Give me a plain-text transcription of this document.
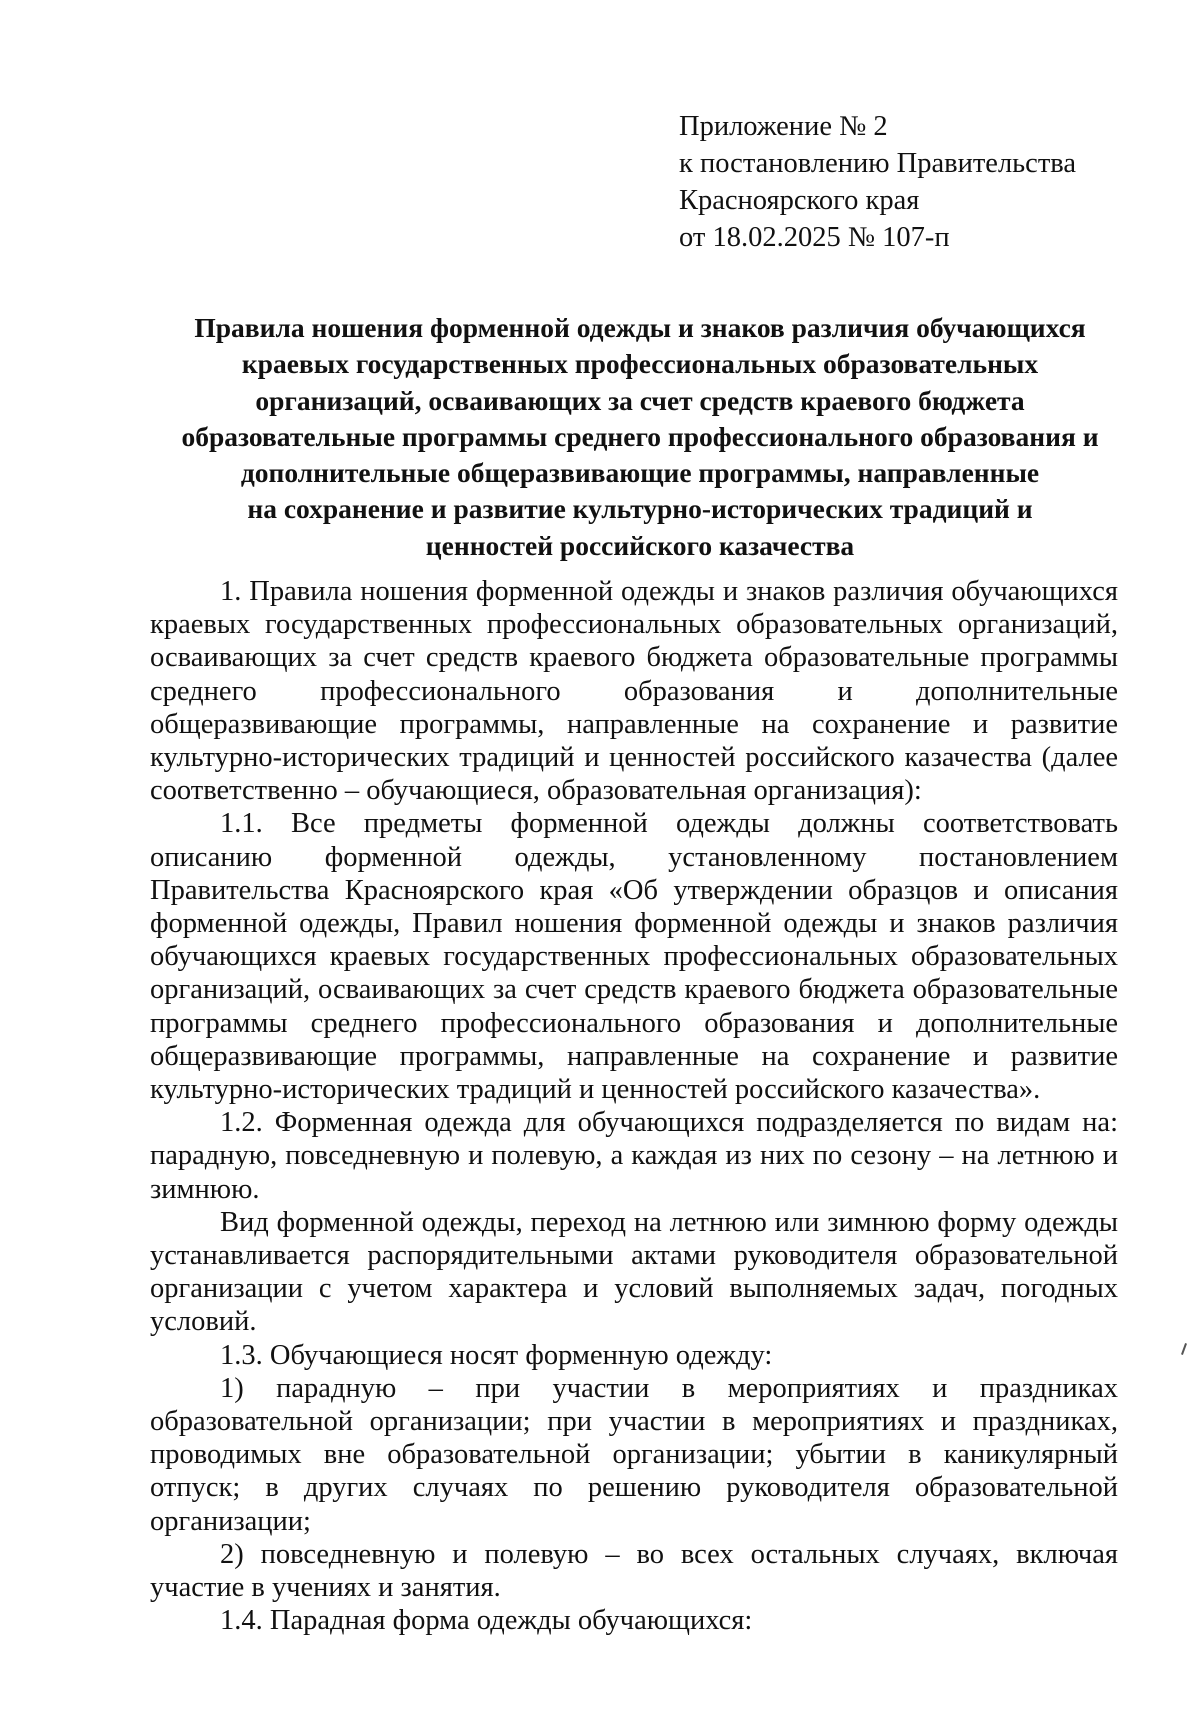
Приложение № 2
к постановлению Правительства
Красноярского края
от 18.02.2025 № 107-п
Правила ношения форменной одежды и знаков различия обучающихся
краевых государственных профессиональных образовательных
организаций, осваивающих за счет средств краевого бюджета
образовательные программы среднего профессионального образования и
дополнительные общеразвивающие программы, направленные
на сохранение и развитие культурно-исторических традиций и
ценностей российского казачества

1. Правила ношения форменной одежды и знаков различия обучающихся краевых государственных профессиональных образовательных организаций, осваивающих за счет средств краевого бюджета образовательные программы среднего профессионального образования и дополнительные общеразвивающие программы, направленные на сохранение и развитие культурно-исторических традиций и ценностей российского казачества (далее соответственно – обучающиеся, образовательная организация):

1.1. Все предметы форменной одежды должны соответствовать описанию форменной одежды, установленному постановлением Правительства Красноярского края «Об утверждении образцов и описания форменной одежды, Правил ношения форменной одежды и знаков различия обучающихся краевых государственных профессиональных образовательных организаций, осваивающих за счет средств краевого бюджета образовательные программы среднего профессионального образования и дополнительные общеразвивающие программы, направленные на сохранение и развитие культурно-исторических традиций и ценностей российского казачества».

1.2. Форменная одежда для обучающихся подразделяется по видам на: парадную, повседневную и полевую, а каждая из них по сезону – на летнюю и зимнюю.

Вид форменной одежды, переход на летнюю или зимнюю форму одежды устанавливается распорядительными актами руководителя образовательной организации с учетом характера и условий выполняемых задач, погодных условий.

1.3. Обучающиеся носят форменную одежду:

1) парадную – при участии в мероприятиях и праздниках образовательной организации; при участии в мероприятиях и праздниках, проводимых вне образовательной организации; убытии в каникулярный отпуск; в других случаях по решению руководителя образовательной организации;

2) повседневную и полевую – во всех остальных случаях, включая участие в учениях и занятия.

1.4. Парадная форма одежды обучающихся:
